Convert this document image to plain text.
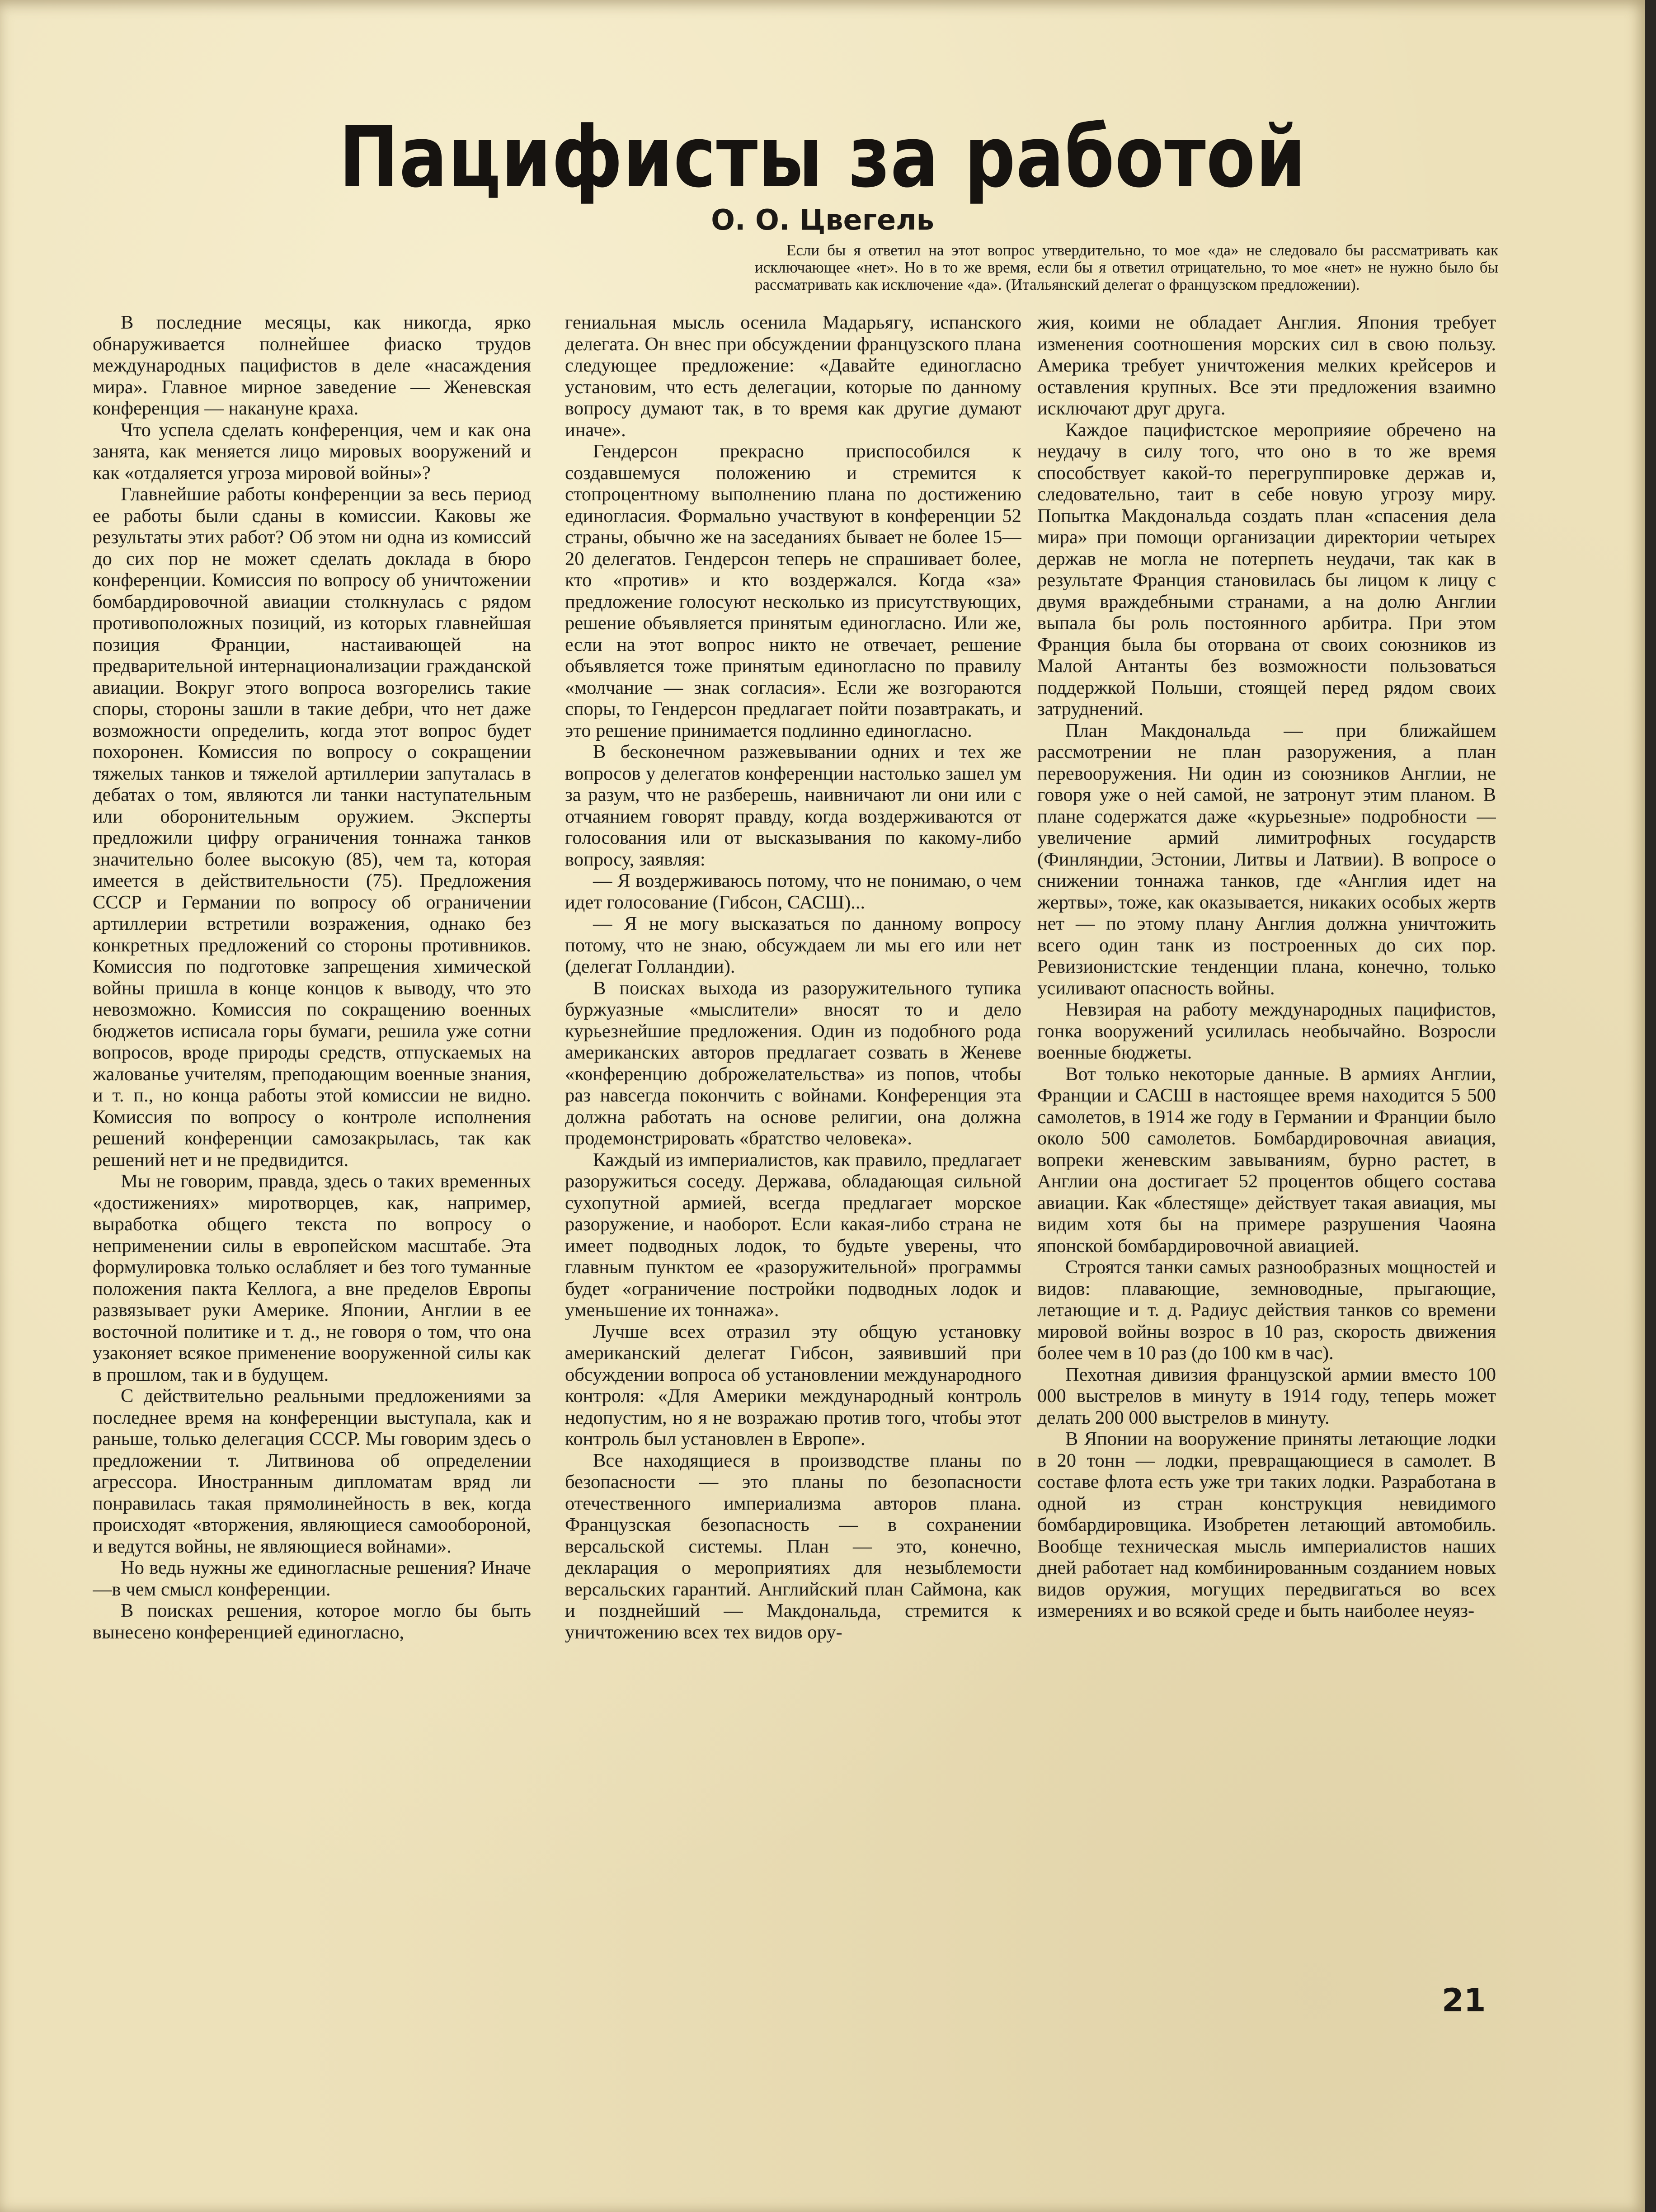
Пацифисты за работой
О. О. Цвегель
Если бы я ответил на этот вопрос утвердительно, то мое «да» не следовало бы рассматривать как исключающее «нет». Но в то же время, если бы я ответил отрицательно, то мое «нет» не нужно было бы рассматривать как исключение «да». (Итальянский делегат о французском предложении).

В последние месяцы, как никогда, ярко обнаруживается полнейшее фиаско трудов международных пацифистов в деле «насаждения мира». Главное мирное заведение — Женевская конференция — накануне краха.

Что успела сделать конференция, чем и как она занята, как меняется лицо мировых вооружений и как «отдаляется угроза мировой войны»?

Главнейшие работы конференции за весь период ее работы были сданы в комиссии. Каковы же результаты этих работ? Об этом ни одна из комиссий до сих пор не может сделать доклада в бюро конференции. Комиссия по вопросу об уничтожении бомбардировочной авиации столкнулась с рядом противоположных позиций, из которых главнейшая позиция Франции, настаивающей на предварительной интернационализации гражданской авиации. Вокруг этого вопроса возгорелись такие споры, стороны зашли в такие дебри, что нет даже возможности определить, когда этот вопрос будет похоронен. Комиссия по вопросу о сокращении тяжелых танков и тяжелой артиллерии запуталась в дебатах о том, являются ли танки наступательным или оборонительным оружием. Эксперты предложили цифру ограничения тоннажа танков значительно более высокую (85), чем та, которая имеется в действительности (75). Предложения СССР и Германии по вопросу об ограничении артиллерии встретили возражения, однако без конкретных предложений со стороны противников. Комиссия по подготовке запрещения химической войны пришла в конце концов к выводу, что это невозможно. Комиссия по сокращению военных бюджетов исписала горы бумаги, решила уже сотни вопросов, вроде природы средств, отпускаемых на жалованье учителям, преподающим военные знания, и т. п., но конца работы этой комиссии не видно. Комиссия по вопросу о контроле исполнения решений конференции самозакрылась, так как решений нет и не предвидится.

Мы не говорим, правда, здесь о таких временных «достижениях» миротворцев, как, например, выработка общего текста по вопросу о неприменении силы в европейском масштабе. Эта формулировка только ослабляет и без того туманные положения пакта Келлога, а вне пределов Европы развязывает руки Америке. Японии, Англии в ее восточной политике и т. д., не говоря о том, что она узаконяет всякое применение вооруженной силы как в прошлом, так и в будущем.

С действительно реальными предложениями за последнее время на конференции выступала, как и раньше, только делегация СССР. Мы говорим здесь о предложении т. Литвинова об определении агрессора. Иностранным дипломатам вряд ли понравилась такая прямолинейность в век, когда происходят «вторжения, являющиеся самообороной, и ведутся войны, не являющиеся войнами».

Но ведь нужны же единогласные решения? Иначе—в чем смысл конференции.

В поисках решения, которое могло бы быть вынесено конференцией единогласно,

гениальная мысль осенила Мадарьягу, испанского делегата. Он внес при обсуждении французского плана следующее предложение: «Давайте единогласно установим, что есть делегации, которые по данному вопросу думают так, в то время как другие думают иначе».

Гендерсон прекрасно приспособился к создавшемуся положению и стремится к стопроцентному выполнению плана по достижению единогласия. Формально участвуют в конференции 52 страны, обычно же на заседаниях бывает не более 15—20 делегатов. Гендерсон теперь не спрашивает более, кто «против» и кто воздержался. Когда «за» предложение голосуют несколько из присутствующих, решение объявляется принятым единогласно. Или же, если на этот вопрос никто не отвечает, решение объявляется тоже принятым единогласно по правилу «молчание — знак согласия». Если же возгораются споры, то Гендерсон предлагает пойти позавтракать, и это решение принимается подлинно единогласно.

В бесконечном разжевывании одних и тех же вопросов у делегатов конференции настолько зашел ум за разум, что не разберешь, наивничают ли они или с отчаянием говорят правду, когда воздерживаются от голосования или от высказывания по какому-либо вопросу, заявляя:

— Я воздерживаюсь потому, что не понимаю, о чем идет голосование (Гибсон, САСШ)...

— Я не могу высказаться по данному вопросу потому, что не знаю, обсуждаем ли мы его или нет (делегат Голландии).

В поисках выхода из разоружительного тупика буржуазные «мыслители» вносят то и дело курьезнейшие предложения. Один из подобного рода американских авторов предлагает созвать в Женеве «конференцию доброжелательства» из попов, чтобы раз навсегда покончить с войнами. Конференция эта должна работать на основе религии, она должна продемонстрировать «братство человека».

Каждый из империалистов, как правило, предлагает разоружиться соседу. Держава, обладающая сильной сухопутной армией, всегда предлагает морское разоружение, и наоборот. Если какая-либо страна не имеет подводных лодок, то будьте уверены, что главным пунктом ее «разоружительной» программы будет «ограничение постройки подводных лодок и уменьшение их тоннажа».

Лучше всех отразил эту общую установку американский делегат Гибсон, заявивший при обсуждении вопроса об установлении международного контроля: «Для Америки международный контроль недопустим, но я не возражаю против того, чтобы этот контроль был установлен в Европе».

Все находящиеся в производстве планы по безопасности — это планы по безопасности отечественного империализма авторов плана. Французская безопасность — в сохранении версальской системы. План — это, конечно, декларация о мероприятиях для незыблемости версальских гарантий. Английский план Саймона, как и позднейший — Макдональда, стремится к уничтожению всех тех видов ору-

жия, коими не обладает Англия. Япония требует изменения соотношения морских сил в свою пользу. Америка требует уничтожения мелких крейсеров и оставления крупных. Все эти предложения взаимно исключают друг друга.

Каждое пацифистское мероприяие обречено на неудачу в силу того, что оно в то же время способствует какой-то перегруппировке держав и, следовательно, таит в себе новую угрозу миру. Попытка Макдональда создать план «спасения дела мира» при помощи организации директории четырех держав не могла не потерпеть неудачи, так как в результате Франция становилась бы лицом к лицу с двумя враждебными странами, а на долю Англии выпала бы роль постоянного арбитра. При этом Франция была бы оторвана от своих союзников из Малой Антанты без возможности пользоваться поддержкой Польши, стоящей перед рядом своих затруднений.

План Макдональда — при ближайшем рассмотрении не план разоружения, а план перевооружения. Ни один из союзников Англии, не говоря уже о ней самой, не затронут этим планом. В плане содержатся даже «курьезные» подробности — увеличение армий лимитрофных государств (Финляндии, Эстонии, Литвы и Латвии). В вопросе о снижении тоннажа танков, где «Англия идет на жертвы», тоже, как оказывается, никаких особых жертв нет — по этому плану Англия должна уничтожить всего один танк из построенных до сих пор. Ревизионистские тенденции плана, конечно, только усиливают опасность войны.

Невзирая на работу международных пацифистов, гонка вооружений усилилась необычайно. Возросли военные бюджеты.

Вот только некоторые данные. В армиях Англии, Франции и САСШ в настоящее время находится 5 500 самолетов, в 1914 же году в Германии и Франции было около 500 самолетов. Бомбардировочная авиация, вопреки женевским завываниям, бурно растет, в Англии она достигает 52 процентов общего состава авиации. Как «блестяще» действует такая авиация, мы видим хотя бы на примере разрушения Чаояна японской бомбардировочной авиацией.

Строятся танки самых разнообразных мощностей и видов: плавающие, земноводные, прыгающие, летающие и т. д. Радиус действия танков со времени мировой войны возрос в 10 раз, скорость движения более чем в 10 раз (до 100 км в час).

Пехотная дивизия французской армии вместо 100 000 выстрелов в минуту в 1914 году, теперь может делать 200 000 выстрелов в минуту.

В Японии на вооружение приняты летающие лодки в 20 тонн — лодки, превращающиеся в самолет. В составе флота есть уже три таких лодки. Разработана в одной из стран конструкция невидимого бомбардировщика. Изобретен летающий автомобиль. Вообще техническая мысль империалистов наших дней работает над комбинированным созданием новых видов оружия, могущих передвигаться во всех измерениях и во всякой среде и быть наиболее неуяз-

21
